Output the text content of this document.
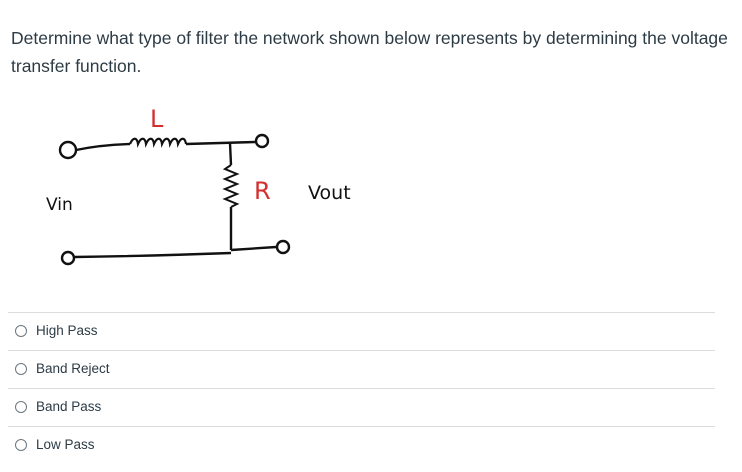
Determine what type of filter the network shown below represents by determining the voltage transfer function.
L
R
Vin
Vout
High Pass
Band Reject
Band Pass
Low Pass
